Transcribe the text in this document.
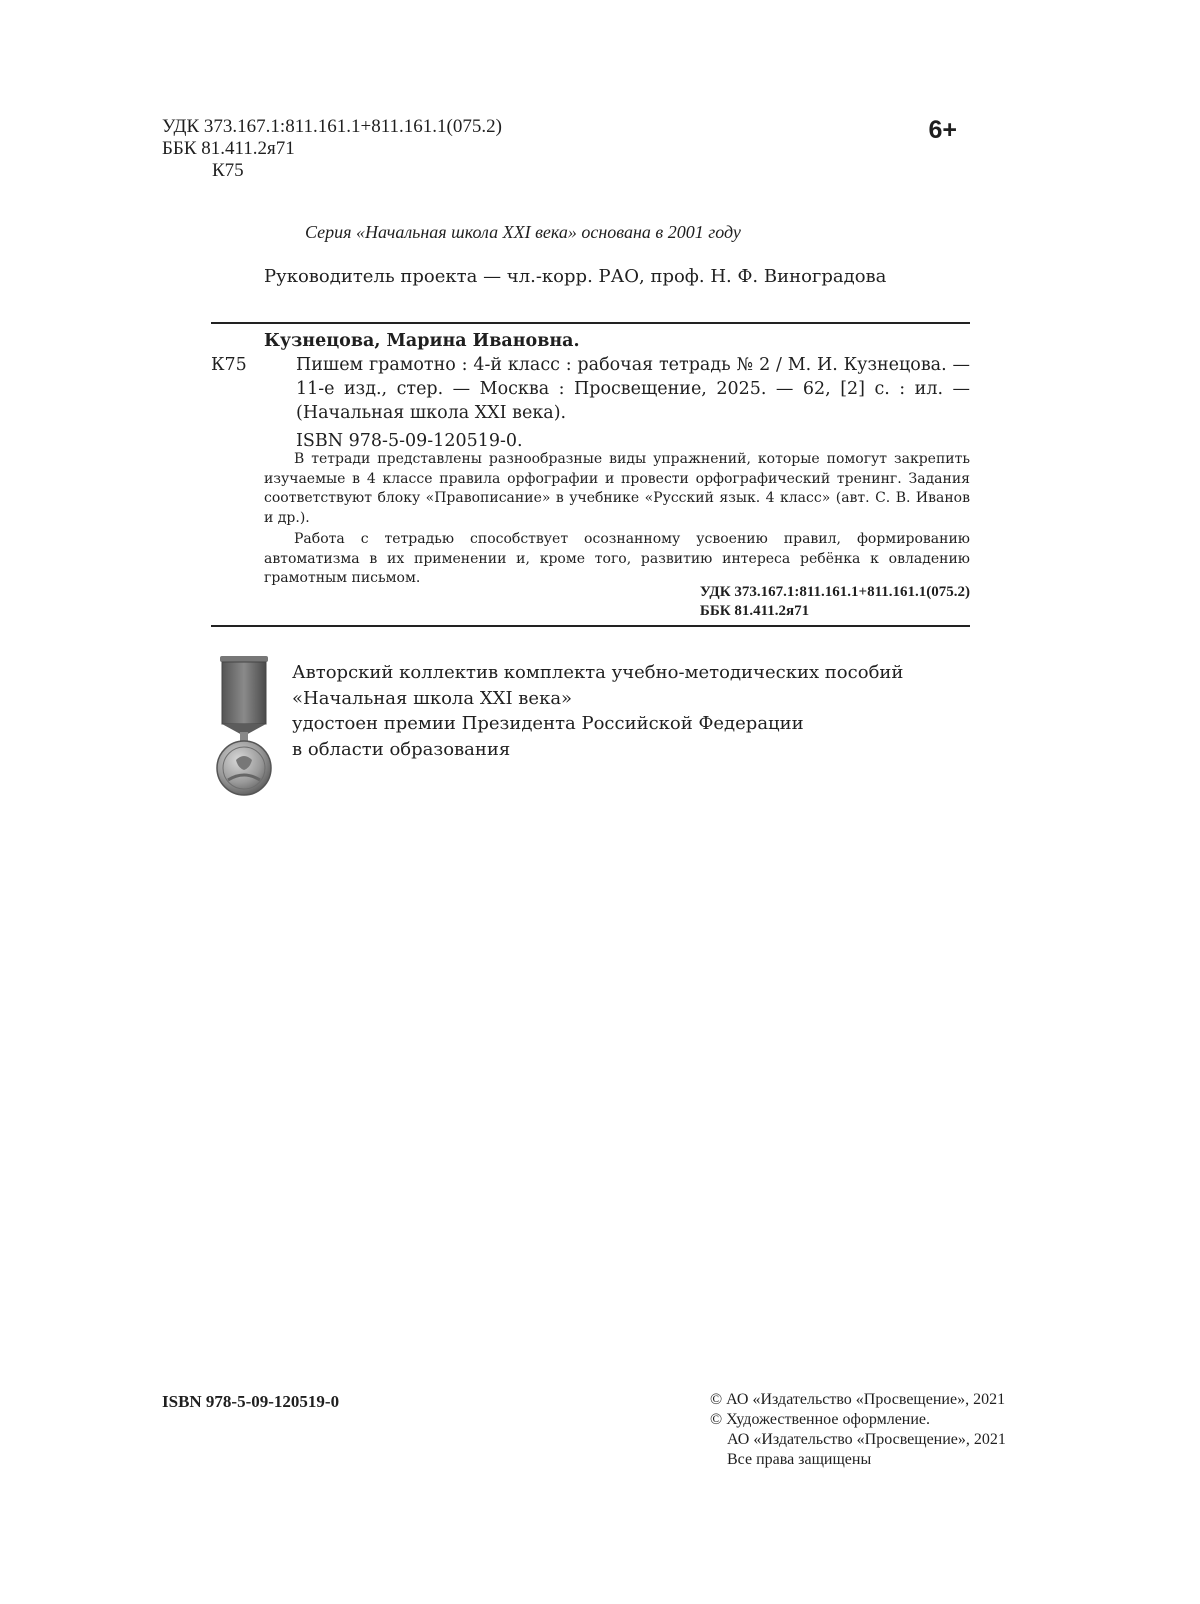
УДК 373.167.1:811.161.1+811.161.1(075.2)
ББК 81.411.2я71
К75
6+
Серия «Начальная школа XXI века» основана в 2001 году
Руководитель проекта — чл.-корр. РАО, проф. Н. Ф. Виноградова
Кузнецова, Марина Ивановна.
К75	Пишем грамотно : 4-й класс : рабочая тетрадь № 2 / М. И. Кузнецова. — 11-е изд., стер. — Москва : Просвещение, 2025. — 62, [2] с. : ил. — (Начальная школа XXI века).
ISBN 978-5-09-120519-0.

В тетради представлены разнообразные виды упражнений, которые помогут закрепить изучаемые в 4 классе правила орфографии и провести орфографический тренинг. Задания соответствуют блоку «Правописание» в учебнике «Русский язык. 4 класс» (авт. С. В. Иванов и др.).

Работа с тетрадью способствует осознанному усвоению правил, формированию автоматизма в их применении и, кроме того, развитию интереса ребёнка к овладению грамотным письмом.

УДК 373.167.1:811.161.1+811.161.1(075.2)
ББК 81.411.2я71
Авторский коллектив комплекта учебно-методических пособий
«Начальная школа XXI века»
удостоен премии Президента Российской Федерации
в области образования
ISBN 978-5-09-120519-0	© АО «Издательство «Просвещение», 2021
© Художественное оформление.
АО «Издательство «Просвещение», 2021
Все права защищены
